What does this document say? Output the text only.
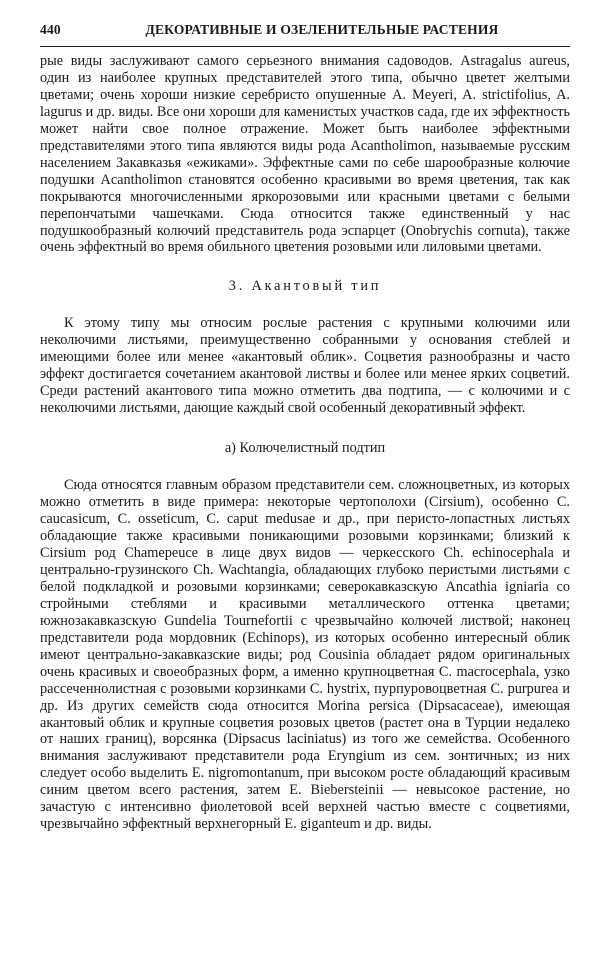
440	ДЕКОРАТИВНЫЕ И ОЗЕЛЕНИТЕЛЬНЫЕ РАСТЕНИЯ

рые виды заслуживают самого серьезного внимания садоводов. Astragalus aureus, один из наиболее крупных представителей этого типа, обычно цветет желтыми цветами; очень хороши низкие серебристо опушенные A. Meyeri, A. strictifolius, A. lagurus и др. виды. Все они хороши для каменистых участков сада, где их эффектность может найти свое полное отражение. Может быть наиболее эффектными представителями этого типа являются виды рода Acantholimon, называемые русским населением Закавказья «ежиками». Эффектные сами по себе шарообразные колючие подушки Acantholimon становятся особенно красивыми во время цветения, так как покрываются многочисленными яркорозовыми или красными цветами с белыми перепончатыми чашечками. Сюда относится также единственный у нас подушкообразный колючий представитель рода эспарцет (Onobrychis cornuta), также очень эффектный во время обильного цветения розовыми или лиловыми цветами.

3. Акантовый тип

К этому типу мы относим рослые растения с крупными колючими или неколючими листьями, преимущественно собранными у основания стеблей и имеющими более или менее «акантовый облик». Соцветия разнообразны и часто эффект достигается сочетанием акантовой листвы и более или менее ярких соцветий. Среди растений акантового типа можно отметить два подтипа, — с колючими и с неколючими листьями, дающие каждый свой особенный декоративный эффект.

а) Колючелистный подтип

Сюда относятся главным образом представители сем. сложноцветных, из которых можно отметить в виде примера: некоторые чертополохи (Cirsium), особенно C. caucasicum, C. osseticum, C. caput medusae и др., при перисто-лопастных листьях обладающие также красивыми поникающими розовыми корзинками; близкий к Cirsium род Chamepeuce в лице двух видов — черкесского Ch. echinocephala и центрально-грузинского Ch. Wachtangia, обладающих глубоко перистыми листьями с белой подкладкой и розовыми корзинками; северокавказскую Ancathia igniaria со стройными стеблями и красивыми металлического оттенка цветами; южнозакавказскую Gundelia Tournefortii с чрезвычайно колючей листвой; наконец представители рода мордовник (Echinops), из которых особенно интересный облик имеют центрально-закавказские виды; род Cousinia обладает рядом оригинальных очень красивых и своеобразных форм, а именно крупноцветная C. macrocephala, узко рассеченнолистная с розовыми корзинками C. hystrix, пурпуровоцветная C. purpurea и др. Из других семейств сюда относится Morina persica (Dipsacaceae), имеющая акантовый облик и крупные соцветия розовых цветов (растет она в Турции недалеко от наших границ), ворсянка (Dipsacus laciniatus) из того же семейства. Особенного внимания заслуживают представители рода Eryngium из сем. зонтичных; из них следует особо выделить E. nigromontanum, при высоком росте обладающий красивым синим цветом всего растения, затем E. Biebersteinii — невысокое растение, но зачастую с интенсивно фиолетовой всей верхней частью вместе с соцветиями, чрезвычайно эффектный верхнегорный E. giganteum и др. виды.
